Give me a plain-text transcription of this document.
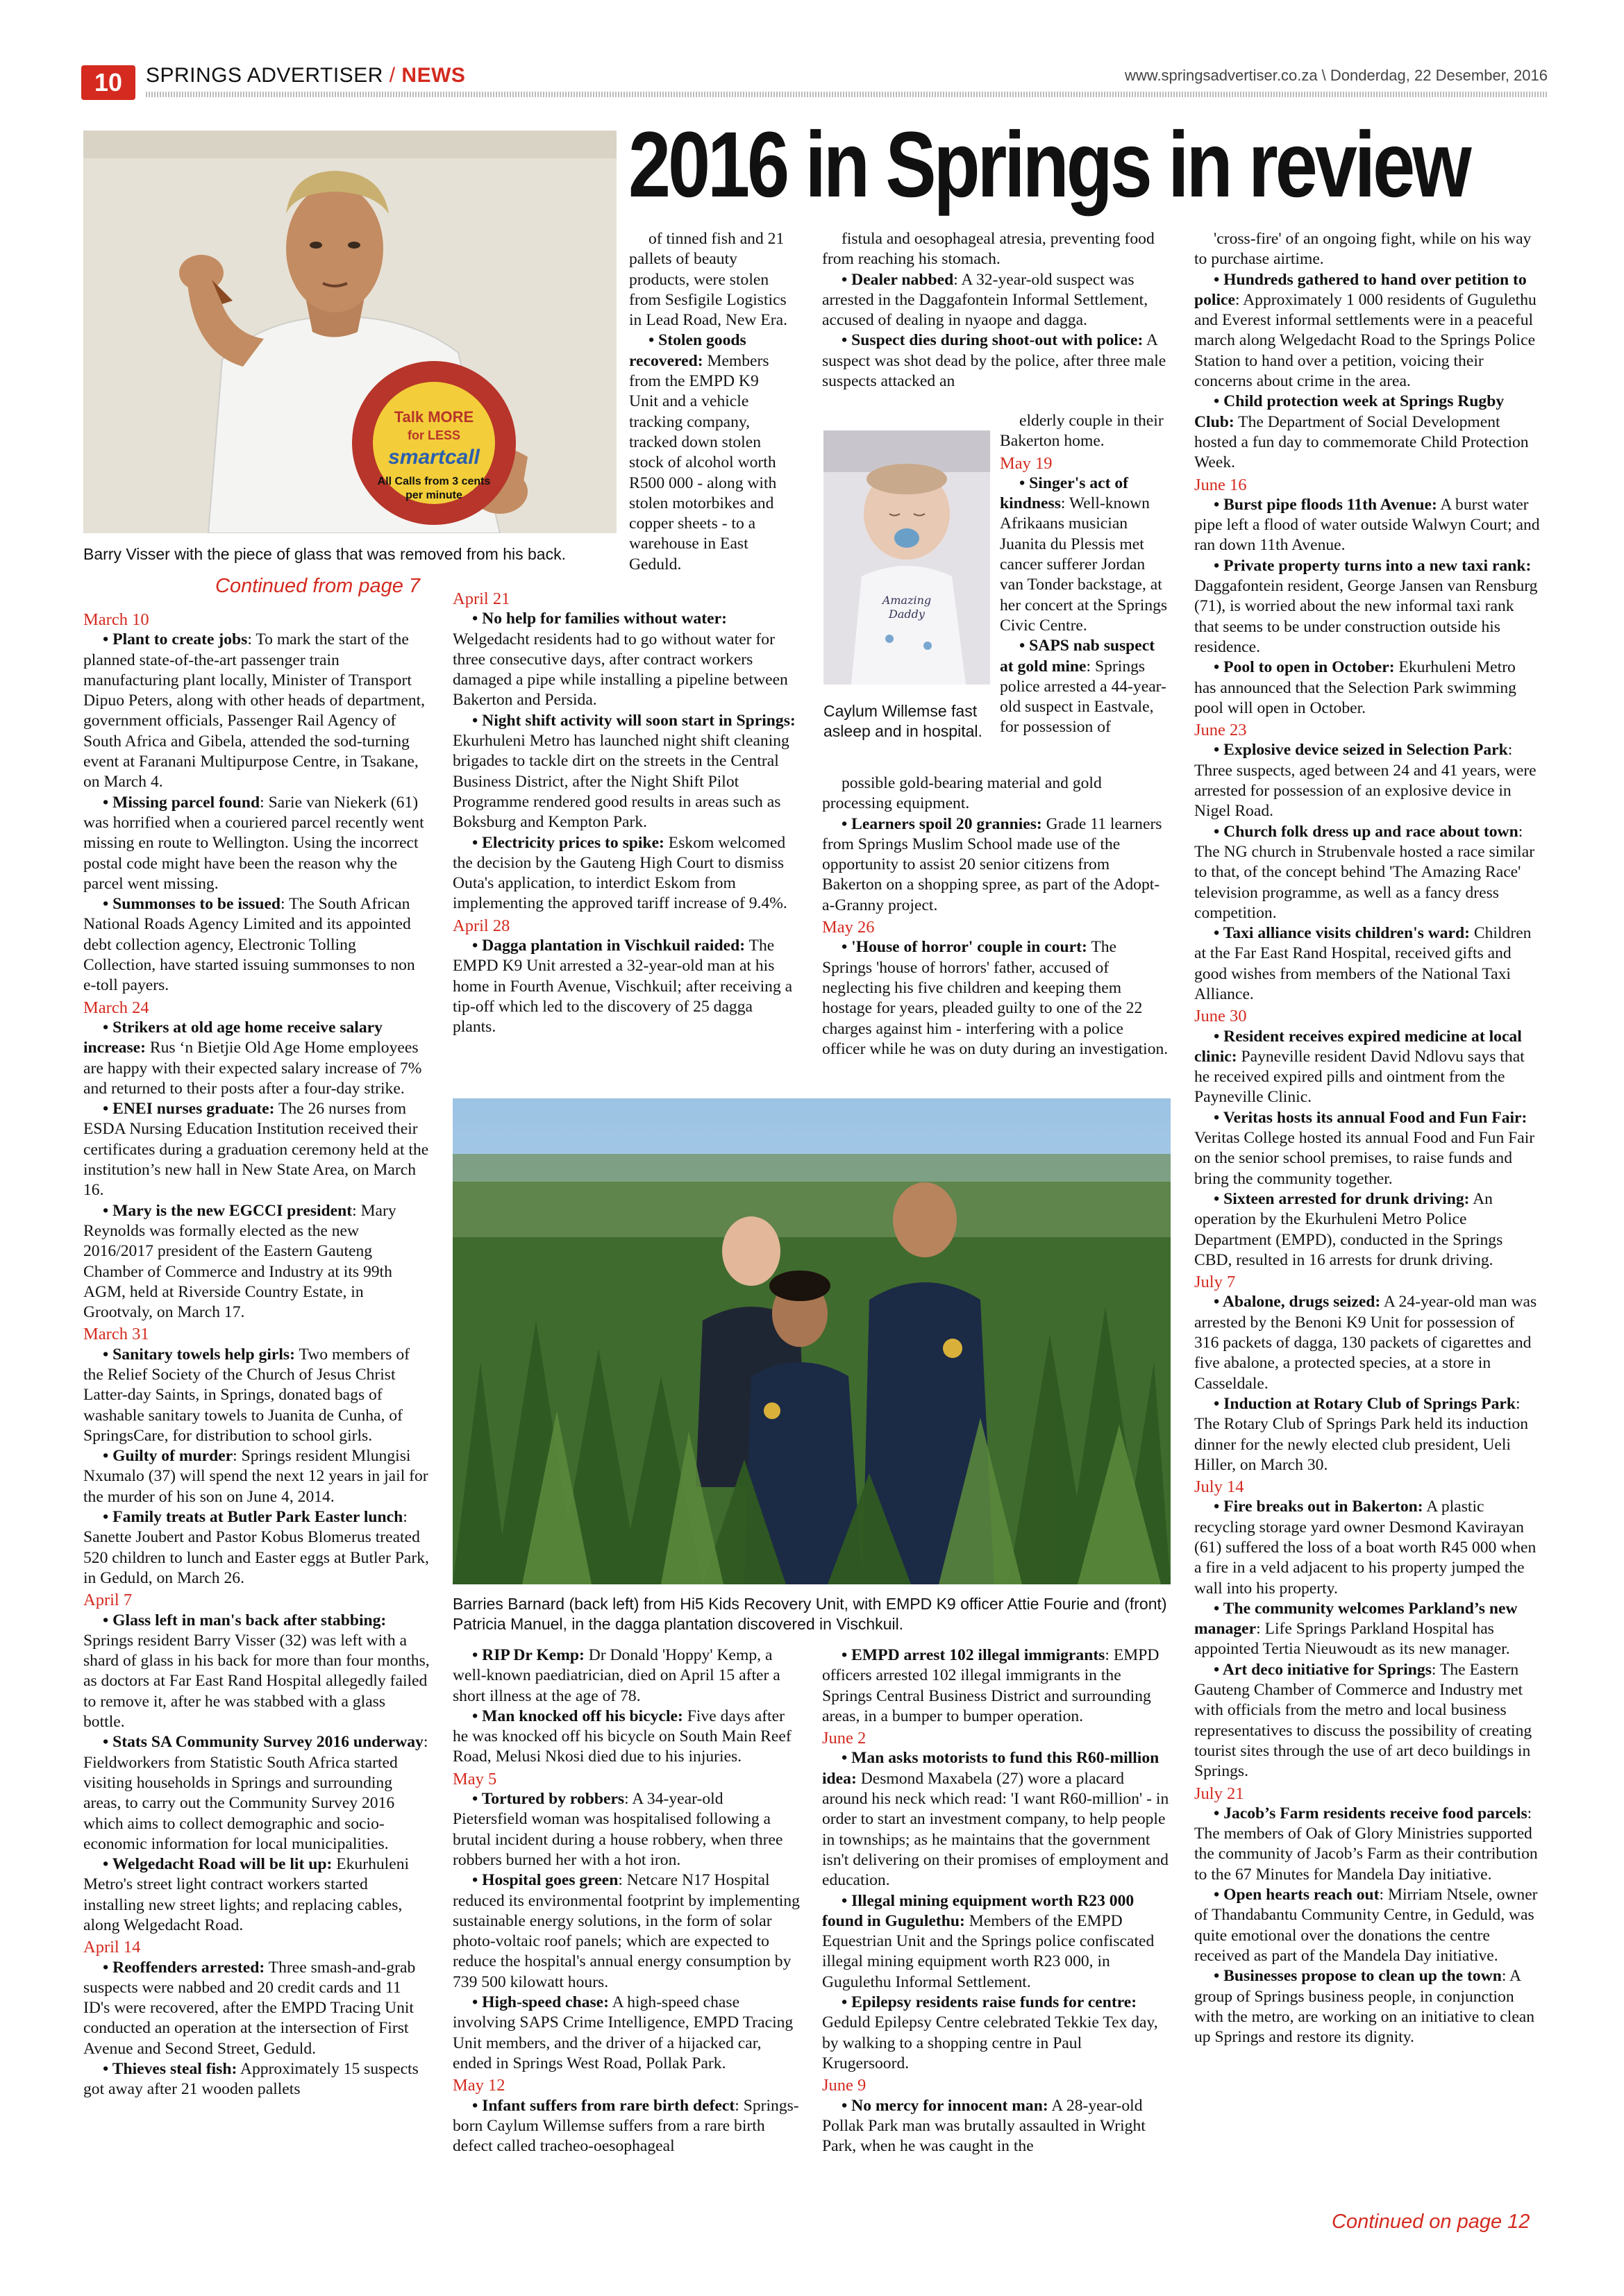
10	SPRINGS ADVERTISER / NEWS	www.springsadvertiser.co.za \ Donderdag, 22 Desember, 2016
2016 in Springs in review
Talk MORE
for LESS
smartcall
All Calls from 3 cents
per minute
Barry Visser with the piece of glass that was removed from his back.
Continued from page 7

March 10

• Plant to create jobs: To mark the start of the planned state-of-the-art passenger train manufacturing plant locally, Minister of Transport Dipuo Peters, along with other heads of department, government officials, Passenger Rail Agency of South Africa and Gibela, attended the sod-turning event at Faranani Multipurpose Centre, in Tsakane, on March 4.

• Missing parcel found: Sarie van Niekerk (61) was horrified when a couriered parcel recently went missing en route to Wellington. Using the incorrect postal code might have been the reason why the parcel went missing.

• Summonses to be issued: The South African National Roads Agency Limited and its appointed debt collection agency, Electronic Tolling Collection, have started issuing summonses to non e-toll payers.

March 24

• Strikers at old age home receive salary increase: Rus ‘n Bietjie Old Age Home employees are happy with their expected salary increase of 7% and returned to their posts after a four-day strike.

• ENEI nurses graduate: The 26 nurses from ESDA Nursing Education Institution received their certificates during a graduation ceremony held at the institution’s new hall in New State Area, on March 16.

• Mary is the new EGCCI president: Mary Reynolds was formally elected as the new 2016/2017 president of the Eastern Gauteng Chamber of Commerce and Industry at its 99th AGM, held at Riverside Country Estate, in Grootvaly, on March 17.

March 31

• Sanitary towels help girls: Two members of the Relief Society of the Church of Jesus Christ Latter-day Saints, in Springs, donated bags of washable sanitary towels to Juanita de Cunha, of SpringsCare, for distribution to school girls.

• Guilty of murder: Springs resident Mlungisi Nxumalo (37) will spend the next 12 years in jail for the murder of his son on June 4, 2014.

• Family treats at Butler Park Easter lunch: Sanette Joubert and Pastor Kobus Blomerus treated 520 children to lunch and Easter eggs at Butler Park, in Geduld, on March 26.

April 7

• Glass left in man's back after stabbing: Springs resident Barry Visser (32) was left with a shard of glass in his back for more than four months, as doctors at Far East Rand Hospital allegedly failed to remove it, after he was stabbed with a glass bottle.

• Stats SA Community Survey 2016 underway: Fieldworkers from Statistic South Africa started visiting households in Springs and surrounding areas, to carry out the Community Survey 2016 which aims to collect demographic and socio-economic information for local municipalities.

• Welgedacht Road will be lit up: Ekurhuleni Metro's street light contract workers started installing new street lights; and replacing cables, along Welgedacht Road.

April 14

• Reoffenders arrested: Three smash-and-grab suspects were nabbed and 20 credit cards and 11 ID's were recovered, after the EMPD Tracing Unit conducted an operation at the intersection of First Avenue and Second Street, Geduld.

• Thieves steal fish: Approximately 15 suspects got away after 21 wooden pallets

of tinned fish and 21 pallets of beauty products, were stolen from Sesfigile Logistics in Lead Road, New Era.

• Stolen goods recovered: Members from the EMPD K9 Unit and a vehicle tracking company, tracked down stolen stock of alcohol worth R500 000 - along with stolen motorbikes and copper sheets - to a warehouse in East Geduld.

April 21

• No help for families without water: Welgedacht residents had to go without water for three consecutive days, after contract workers damaged a pipe while installing a pipeline between Bakerton and Persida.

• Night shift activity will soon start in Springs: Ekurhuleni Metro has launched night shift cleaning brigades to tackle dirt on the streets in the Central Business District, after the Night Shift Pilot Programme rendered good results in areas such as Boksburg and Kempton Park.

• Electricity prices to spike: Eskom welcomed the decision by the Gauteng High Court to dismiss Outa's application, to interdict Eskom from implementing the approved tariff increase of 9.4%.

April 28

• Dagga plantation in Vischkuil raided: The EMPD K9 Unit arrested a 32-year-old man at his home in Fourth Avenue, Vischkuil; after receiving a tip-off which led to the discovery of 25 dagga plants.

fistula and oesophageal atresia, preventing food from reaching his stomach.

• Dealer nabbed: A 32-year-old suspect was arrested in the Daggafontein Informal Settlement, accused of dealing in nyaope and dagga.

• Suspect dies during shoot-out with police: A suspect was shot dead by the police, after three male suspects attacked an

Amazing
Daddy
Caylum Willemse fast asleep and in hospital.

elderly couple in their Bakerton home.

May 19

• Singer's act of kindness: Well-known Afrikaans musician Juanita du Plessis met cancer sufferer Jordan van Tonder backstage, at her concert at the Springs Civic Centre.

• SAPS nab suspect at gold mine: Springs police arrested a 44-year-old suspect in Eastvale, for possession of

possible gold-bearing material and gold processing equipment.

• Learners spoil 20 grannies: Grade 11 learners from Springs Muslim School made use of the opportunity to assist 20 senior citizens from Bakerton on a shopping spree, as part of the Adopt-a-Granny project.

May 26

• 'House of horror' couple in court: The Springs 'house of horrors' father, accused of neglecting his five children and keeping them hostage for years, pleaded guilty to one of the 22 charges against him - interfering with a police officer while he was on duty during an investigation.

Barries Barnard (back left) from Hi5 Kids Recovery Unit, with EMPD K9 officer Attie Fourie and (front) Patricia Manuel, in the dagga plantation discovered in Vischkuil.

• RIP Dr Kemp: Dr Donald 'Hoppy' Kemp, a well-known paediatrician, died on April 15 after a short illness at the age of 78.

• Man knocked off his bicycle: Five days after he was knocked off his bicycle on South Main Reef Road, Melusi Nkosi died due to his injuries.

May 5

• Tortured by robbers: A 34-year-old Pietersfield woman was hospitalised following a brutal incident during a house robbery, when three robbers burned her with a hot iron.

• Hospital goes green: Netcare N17 Hospital reduced its environmental footprint by implementing sustainable energy solutions, in the form of solar photo-voltaic roof panels; which are expected to reduce the hospital's annual energy consumption by 739 500 kilowatt hours.

• High-speed chase: A high-speed chase involving SAPS Crime Intelligence, EMPD Tracing Unit members, and the driver of a hijacked car, ended in Springs West Road, Pollak Park.

May 12

• Infant suffers from rare birth defect: Springs-born Caylum Willemse suffers from a rare birth defect called tracheo-oesophageal

• EMPD arrest 102 illegal immigrants: EMPD officers arrested 102 illegal immigrants in the Springs Central Business District and surrounding areas, in a bumper to bumper operation.

June 2

• Man asks motorists to fund this R60-million idea: Desmond Maxabela (27) wore a placard around his neck which read: 'I want R60-million' - in order to start an investment company, to help people in townships; as he maintains that the government isn't delivering on their promises of employment and education.

• Illegal mining equipment worth R23 000 found in Gugulethu: Members of the EMPD Equestrian Unit and the Springs police confiscated illegal mining equipment worth R23 000, in Gugulethu Informal Settlement.

• Epilepsy residents raise funds for centre: Geduld Epilepsy Centre celebrated Tekkie Tex day, by walking to a shopping centre in Paul Krugersoord.

June 9

• No mercy for innocent man: A 28-year-old Pollak Park man was brutally assaulted in Wright Park, when he was caught in the

'cross-fire' of an ongoing fight, while on his way to purchase airtime.

• Hundreds gathered to hand over petition to police: Approximately 1 000 residents of Gugulethu and Everest informal settlements were in a peaceful march along Welgedacht Road to the Springs Police Station to hand over a petition, voicing their concerns about crime in the area.

• Child protection week at Springs Rugby Club: The Department of Social Development hosted a fun day to commemorate Child Protection Week.

June 16

• Burst pipe floods 11th Avenue: A burst water pipe left a flood of water outside Walwyn Court; and ran down 11th Avenue.

• Private property turns into a new taxi rank: Daggafontein resident, George Jansen van Rensburg (71), is worried about the new informal taxi rank that seems to be under construction outside his residence.

• Pool to open in October: Ekurhuleni Metro has announced that the Selection Park swimming pool will open in October.

June 23

• Explosive device seized in Selection Park: Three suspects, aged between 24 and 41 years, were arrested for possession of an explosive device in Nigel Road.

• Church folk dress up and race about town: The NG church in Strubenvale hosted a race similar to that, of the concept behind 'The Amazing Race' television programme, as well as a fancy dress competition.

• Taxi alliance visits children's ward: Children at the Far East Rand Hospital, received gifts and good wishes from members of the National Taxi Alliance.

June 30

• Resident receives expired medicine at local clinic: Payneville resident David Ndlovu says that he received expired pills and ointment from the Payneville Clinic.

• Veritas hosts its annual Food and Fun Fair: Veritas College hosted its annual Food and Fun Fair on the senior school premises, to raise funds and bring the community together.

• Sixteen arrested for drunk driving: An operation by the Ekurhuleni Metro Police Department (EMPD), conducted in the Springs CBD, resulted in 16 arrests for drunk driving.

July 7

• Abalone, drugs seized: A 24-year-old man was arrested by the Benoni K9 Unit for possession of 316 packets of dagga, 130 packets of cigarettes and five abalone, a protected species, at a store in Casseldale.

• Induction at Rotary Club of Springs Park: The Rotary Club of Springs Park held its induction dinner for the newly elected club president, Ueli Hiller, on March 30.

July 14

• Fire breaks out in Bakerton: A plastic recycling storage yard owner Desmond Kavirayan (61) suffered the loss of a boat worth R45 000 when a fire in a veld adjacent to his property jumped the wall into his property.

• The community welcomes Parkland’s new manager: Life Springs Parkland Hospital has appointed Tertia Nieuwoudt as its new manager.

• Art deco initiative for Springs: The Eastern Gauteng Chamber of Commerce and Industry met with officials from the metro and local business representatives to discuss the possibility of creating tourist sites through the use of art deco buildings in Springs.

July 21

• Jacob’s Farm residents receive food parcels: The members of Oak of Glory Ministries supported the community of Jacob’s Farm as their contribution to the 67 Minutes for Mandela Day initiative.

• Open hearts reach out: Mirriam Ntsele, owner of Thandabantu Community Centre, in Geduld, was quite emotional over the donations the centre received as part of the Mandela Day initiative.

• Businesses propose to clean up the town: A group of Springs business people, in conjunction with the metro, are working on an initiative to clean up Springs and restore its dignity.

Continued on page 12
